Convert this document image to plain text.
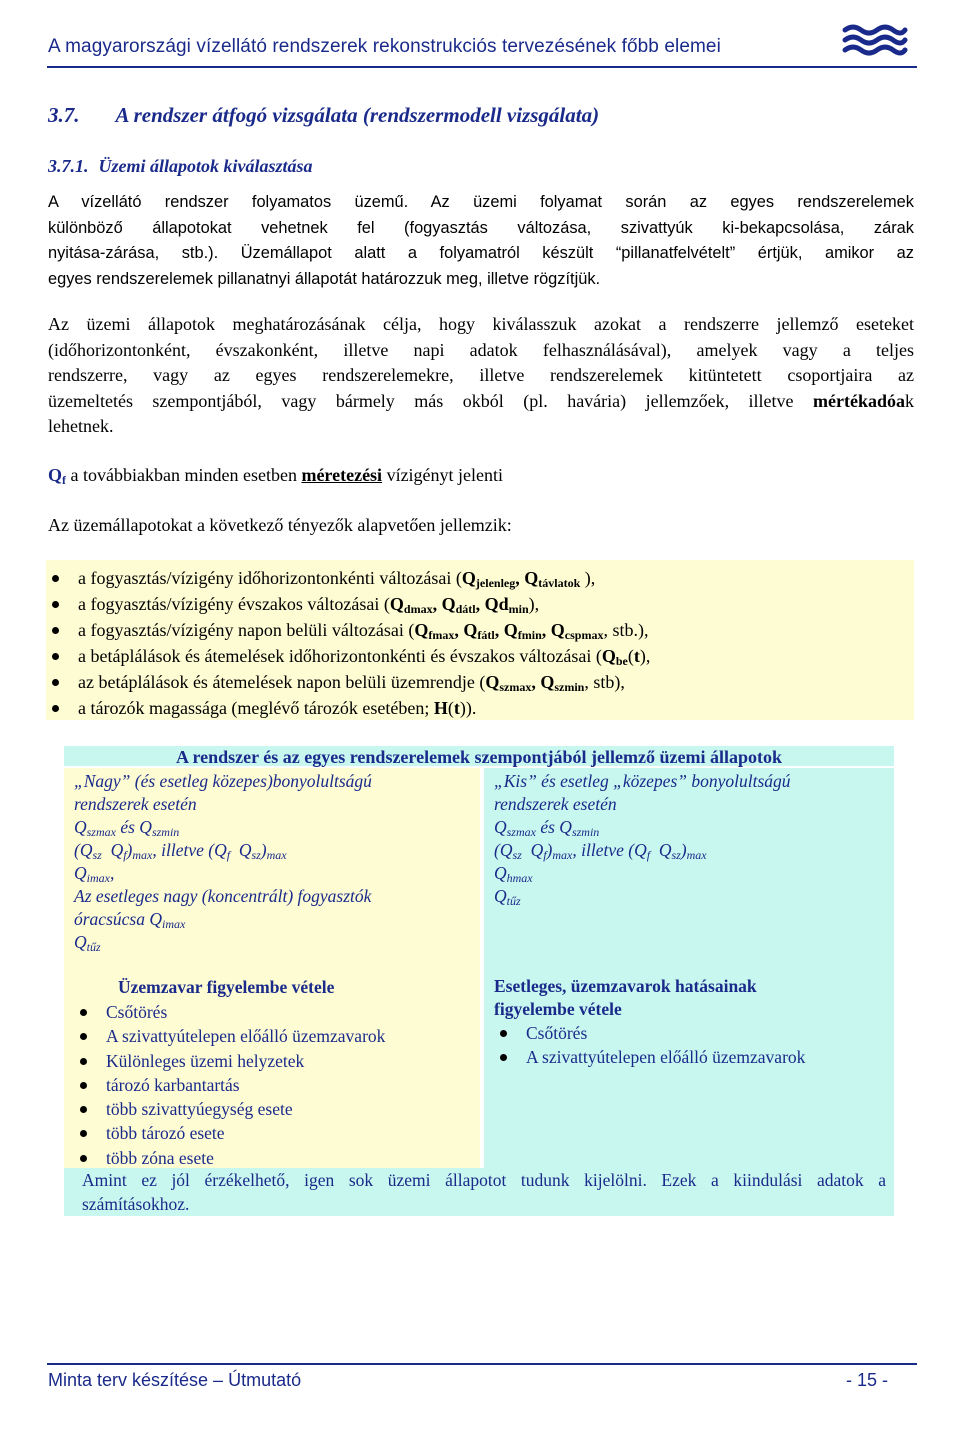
A magyarországi vízellátó rendszerek rekonstrukciós tervezésének főbb elemei
3.7. A rendszer átfogó vizsgálata (rendszermodell vizsgálata)
3.7.1. Üzemi állapotok kiválasztása
A vízellátó rendszer folyamatos üzemű. Az üzemi folyamat során az egyes rendszerelemek
különböző állapotokat vehetnek fel (fogyasztás változása, szivattyúk ki-bekapcsolása, zárak
nyitása-zárása, stb.). Üzemállapot alatt a folyamatról készült “pillanatfelvételt” értjük, amikor az
egyes rendszerelemek pillanatnyi állapotát határozzuk meg, illetve rögzítjük.
Az üzemi állapotok meghatározásának célja, hogy kiválasszuk azokat a rendszerre jellemző eseteket
(időhorizontonként, évszakonként, illetve napi adatok felhasználásával), amelyek vagy a teljes
rendszerre, vagy az egyes rendszerelemekre, illetve rendszerelemek kitüntetett csoportjaira az
üzemeltetés szempontjából, vagy bármely más okból (pl. havária) jellemzőek, illetve mértékadóak
lehetnek.
$Q_f$ a továbbiakban minden esetben méretezési vízigényt jelenti
Az üzemállapotokat a következő tényezők alapvetően jellemzik:
a fogyasztás/vízigény időhorizontonkénti változásai ($Q_{jelenleg}$, $Q_{távlatok}$ ),
a fogyasztás/vízigény évszakos változásai ($Q_{dmax}$, $Q_{dátl}$, $Qd_{min}$),
a fogyasztás/vízigény napon belüli változásai ($Q_{fmax}$, $Q_{fátl}$, $Q_{fmin}$, $Q_{cspmax}$, stb.),
a betáplálások és átemelések időhorizontonkénti és évszakos változásai ($Q_{be}(t)$,
az betáplálások és átemelések napon belüli üzemrendje ($Q_{szmax}$, $Q_{szmin}$, stb),
a tározók magassága (meglévő tározók esetében; H(t)).
A rendszer és az egyes rendszerelemek szempontjából jellemző üzemi állapotok
„Nagy” (és esetleg közepes)bonyolultságú
rendszerek esetén
$Q_{szmax}$ és $Q_{szmin}$
($Q_{sz}$  $Q_f)_{max}$, illetve ($Q_f$  $Q_{sz})_{max}$
$Q_{imax}$,
Az esetleges nagy (koncentrált) fogyasztók
óracsúcsa $Q_{imax}$
$Q_{tűz}$
„Kis” és esetleg „közepes” bonyolultságú
rendszerek esetén
$Q_{szmax}$ és $Q_{szmin}$
($Q_{sz}$  $Q_f)_{max}$, illetve ($Q_f$  $Q_{sz})_{max}$
$Q_{hmax}$
$Q_{tűz}$
Üzemzavar figyelembe vétele
Csőtörés
A szivattyútelepen előálló üzemzavarok
Különleges üzemi helyzetek
tározó karbantartás
több szivattyúegység esete
több tározó esete
több zóna esete
Esetleges, üzemzavarok hatásainak
figyelembe vétele
Csőtörés
A szivattyútelepen előálló üzemzavarok
Amint ez jól érzékelhető, igen sok üzemi állapotot tudunk kijelölni. Ezek a kiindulási adatok a
számításokhoz.
Minta terv készítése – Útmutató	- 15 -
